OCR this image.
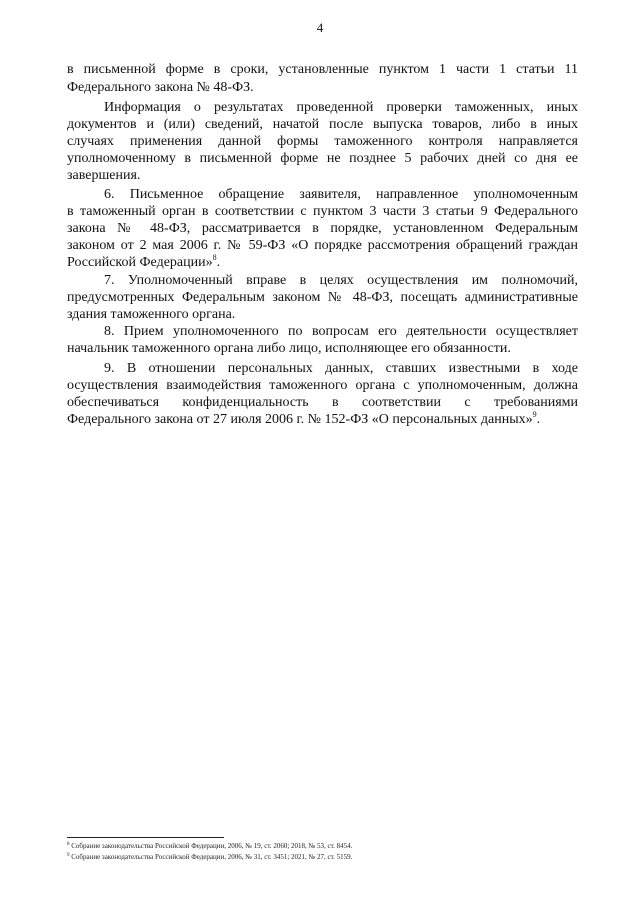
4
в письменной форме в сроки, установленные пунктом 1 части 1 статьи 11
Федерального закона № 48-ФЗ.
Информация о результатах проведенной проверки таможенных, иных
документов и (или) сведений, начатой после выпуска товаров, либо в иных
случаях применения данной формы таможенного контроля направляется
уполномоченному в письменной форме не позднее 5 рабочих дней со дня ее
завершения.
6. Письменное обращение заявителя, направленное уполномоченным
в таможенный орган в соответствии с пунктом 3 части 3 статьи 9 Федерального
закона № 48-ФЗ, рассматривается в порядке, установленном Федеральным
законом от 2 мая 2006 г. № 59-ФЗ «О порядке рассмотрения обращений граждан
Российской Федерации»$^8$.
7. Уполномоченный вправе в целях осуществления им полномочий,
предусмотренных Федеральным законом № 48-ФЗ, посещать административные
здания таможенного органа.
8. Прием уполномоченного по вопросам его деятельности осуществляет
начальник таможенного органа либо лицо, исполняющее его обязанности.
9. В отношении персональных данных, ставших известными в ходе
осуществления взаимодействия таможенного органа с уполномоченным, должна
обеспечиваться конфиденциальность в соответствии с требованиями
Федерального закона от 27 июля 2006 г. № 152-ФЗ «О персональных данных»$^9$.
$^8$ Собрание законодательства Российской Федерации, 2006, № 19, ст. 2060; 2018, № 53, ст. 8454.
$^9$ Собрание законодательства Российской Федерации, 2006, № 31, ст. 3451; 2021, № 27, ст. 5159.
